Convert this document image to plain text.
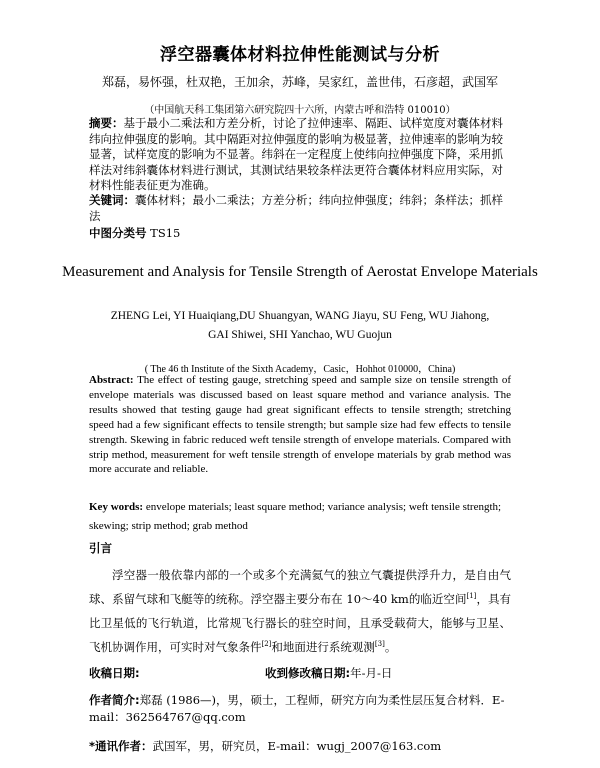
浮空器囊体材料拉伸性能测试与分析
郑磊，易怀强，杜双艳，王加余，苏峰，吴家红，盖世伟，石彦超，武国军
（中国航天科工集团第六研究院四十六所，内蒙古呼和浩特 010010）

摘要：基于最小二乘法和方差分析，讨论了拉伸速率、隔距、试样宽度对囊体材料纬向拉伸强度的影响。其中隔距对拉伸强度的影响为极显著，拉伸速率的影响为较显著，试样宽度的影响为不显著。纬斜在一定程度上使纬向拉伸强度下降，采用抓样法对纬斜囊体材料进行测试，其测试结果较条样法更符合囊体材料应用实际，对材料性能表征更为准确。

关键词：囊体材料；最小二乘法；方差分析；纬向拉伸强度；纬斜；条样法；抓样法

中图分类号 TS15
Measurement and Analysis for Tensile Strength of Aerostat Envelope Materials
ZHENG Lei, YI Huaiqiang,DU Shuangyan, WANG Jiayu, SU Feng, WU Jiahong, GAI Shiwei, SHI Yanchao, WU Guojun
( The 46 th Institute of the Sixth Academy，Casic，Hohhot 010000，China)

Abstract: The effect of testing gauge, stretching speed and sample size on tensile strength of envelope materials was discussed based on least square method and variance analysis. The results showed that testing gauge had great significant effects to tensile strength; stretching speed had a few significant effects to tensile strength; but sample size had few effects to tensile strength. Skewing in fabric reduced weft tensile strength of envelope materials. Compared with strip method, measurement for weft tensile strength of envelope materials by grab method was more accurate and reliable.

Key words: envelope materials; least square method; variance analysis; weft tensile strength; skewing; strip method; grab method

引言

浮空器一般依靠内部的一个或多个充满氦气的独立气囊提供浮升力，是自由气球、系留气球和飞艇等的统称。浮空器主要分布在 10～40 km的临近空间[1]，具有比卫星低的飞行轨道，比常规飞行器长的驻空时间，且承受载荷大，能够与卫星、飞机协调作用，可实时对气象条件[2]和地面进行系统观测[3]。

收稿日期:	收到修改稿日期:年-月-日

作者简介:郑磊 (1986—)，男，硕士，工程师，研究方向为柔性层压复合材料．E-mail：362564767@qq.com

*通讯作者：武国军，男，研究员，E-mail：wugj_2007@163.com
